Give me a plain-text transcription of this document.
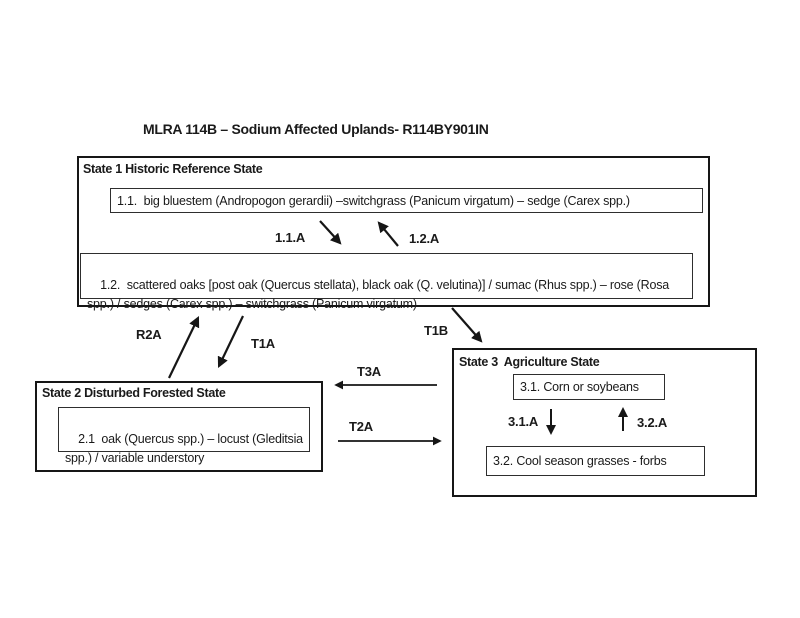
MLRA 114B – Sodium Affected Uplands- R114BY901IN
State 1 Historic Reference State
1.1.  big bluestem (Andropogon gerardii) –switchgrass (Panicum virgatum) – sedge (Carex spp.)

1.2.  scattered oaks [post oak (Quercus stellata), black oak (Q. velutina)] / sumac (Rhus spp.) – rose (Rosa spp.) / sedges (Carex spp.) – switchgrass (Panicum virgatum)

State 2 Disturbed Forested State

2.1  oak (Quercus spp.) – locust (Gleditsia spp.) / variable understory

State 3  Agriculture State
3.1. Corn or soybeans
3.2. Cool season grasses - forbs
1.1.A	1.2.A
R2A
T1A
T1B
T3A
T2A	3.1.A	3.2.A
